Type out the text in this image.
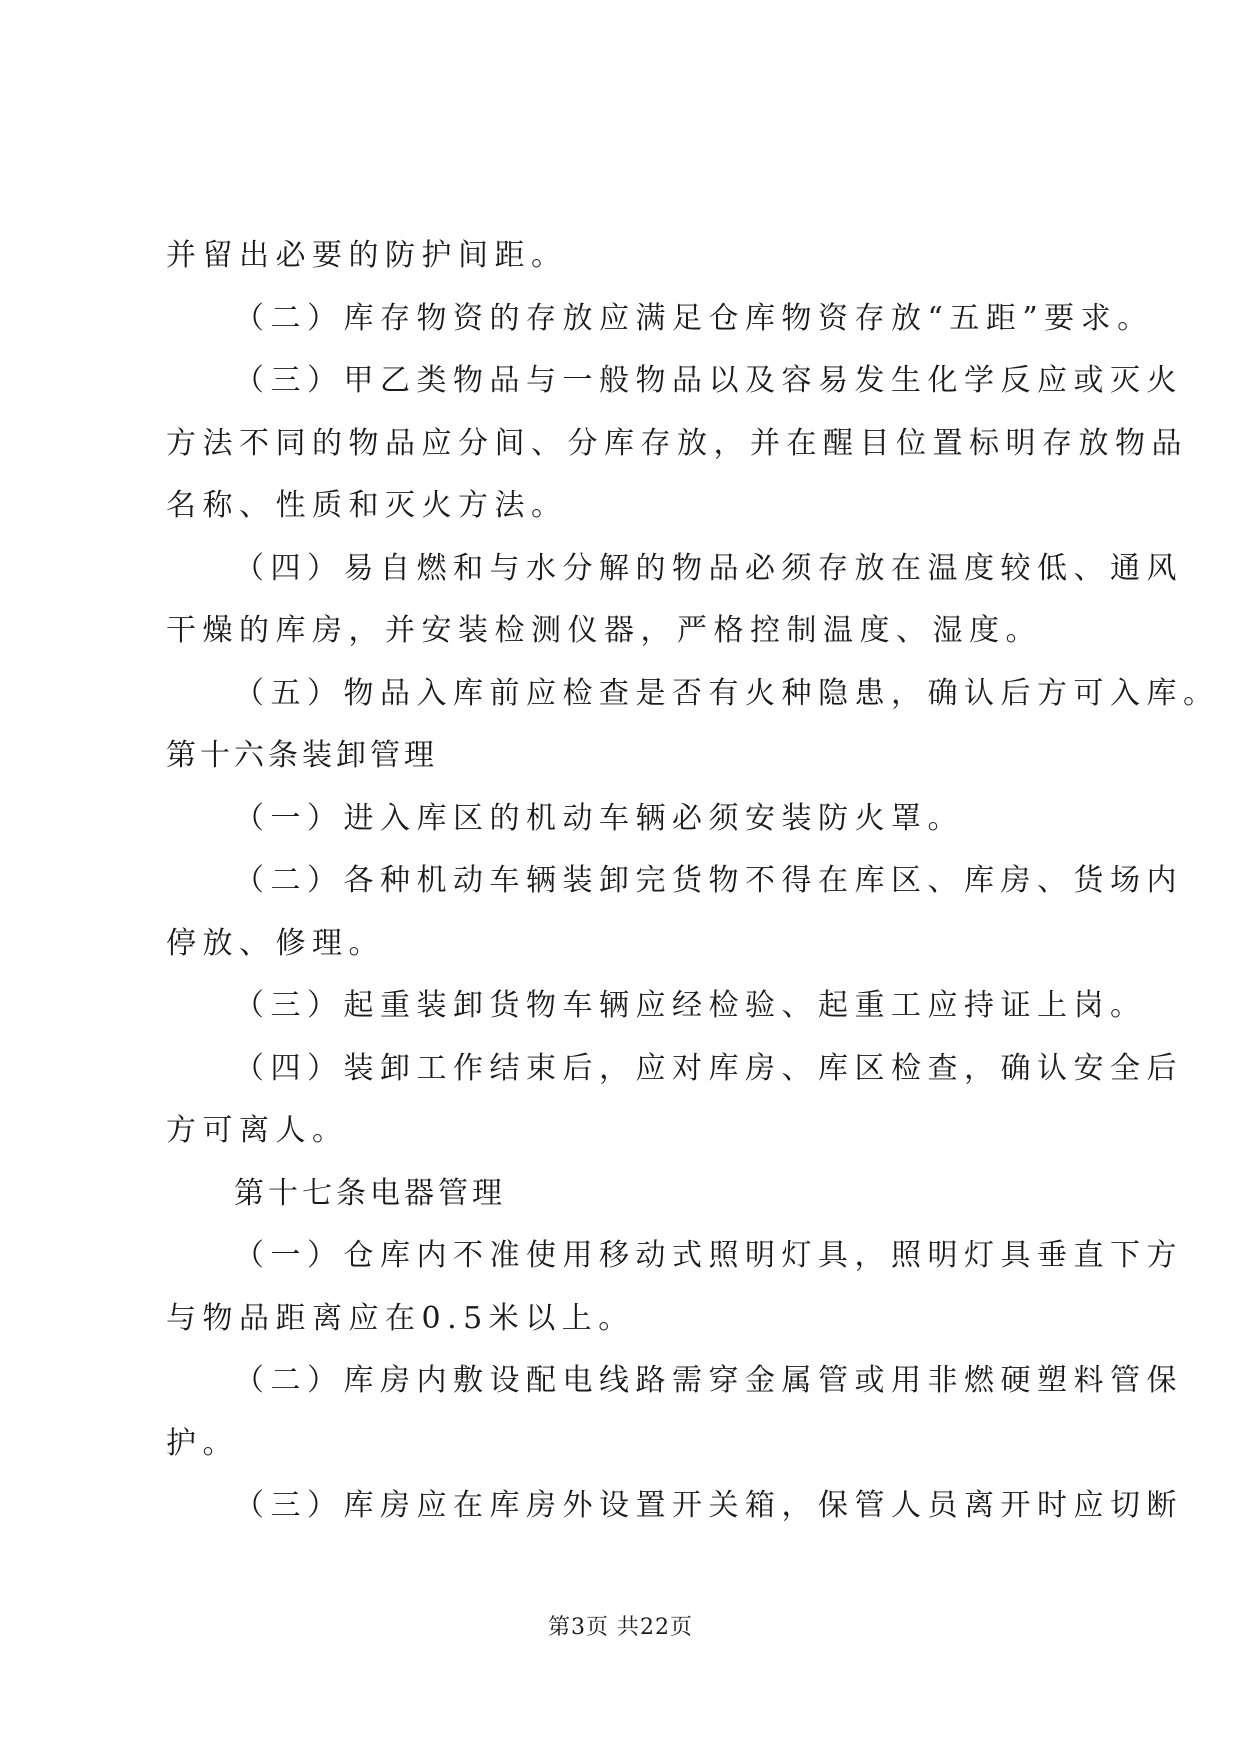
并留出必要的防护间距。
（二）库存物资的存放应满足仓库物资存放“五距”要求。
（三）甲乙类物品与一般物品以及容易发生化学反应或灭火
方法不同的物品应分间、分库存放，并在醒目位置标明存放物品
名称、性质和灭火方法。
（四）易自燃和与水分解的物品必须存放在温度较低、通风
干燥的库房，并安装检测仪器，严格控制温度、湿度。
（五）物品入库前应检查是否有火种隐患，确认后方可入库。
第十六条装卸管理
（一）进入库区的机动车辆必须安装防火罩。
（二）各种机动车辆装卸完货物不得在库区、库房、货场内
停放、修理。
（三）起重装卸货物车辆应经检验、起重工应持证上岗。
（四）装卸工作结束后，应对库房、库区检查，确认安全后
方可离人。
第十七条电器管理
（一）仓库内不准使用移动式照明灯具，照明灯具垂直下方
与物品距离应在0.5米以上。
（二）库房内敷设配电线路需穿金属管或用非燃硬塑料管保
护。
（三）库房应在库房外设置开关箱，保管人员离开时应切断
第3页 共22页
